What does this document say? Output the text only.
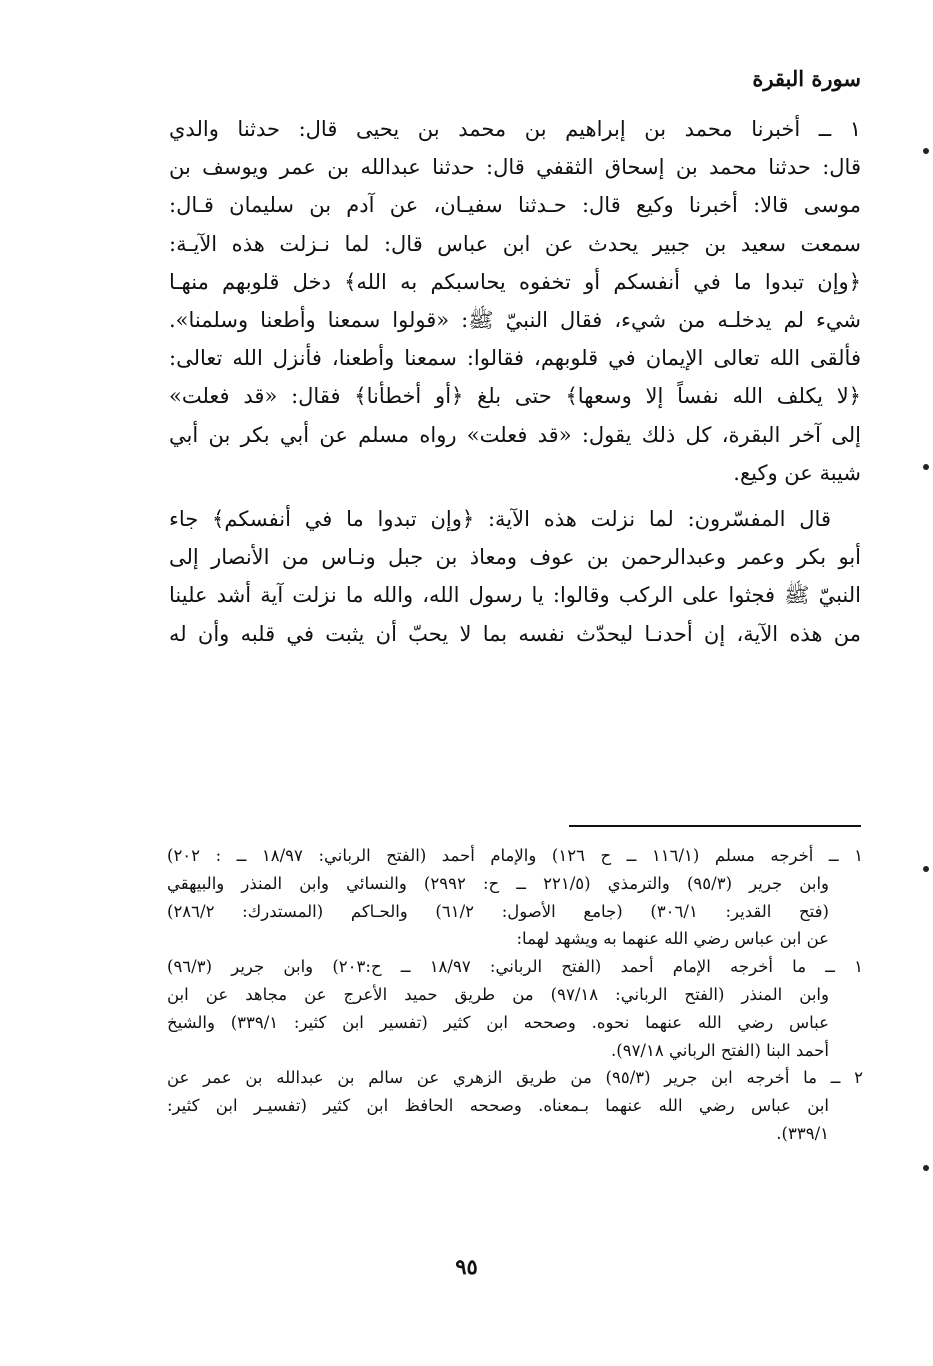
سورة البقرة

١ ــ أخبرنا محمد بن إبراهيم بن محمد بن يحيى قال: حدثنا والدي
قال: حدثنا محمد بن إسحاق الثقفي قال: حدثنا عبدالله بن عمر ويوسف بن
موسى قالا: أخبرنا وكيع قال: حـدثنا سفيـان، عن آدم بن سليمان قـال:
سمعت سعيد بن جبير يحدث عن ابن عباس قال: لما نـزلت هذه الآيـة:
﴿وإن تبدوا ما في أنفسكم أو تخفوه يحاسبكم به الله﴾ دخل قلوبهم منهـا
شيء لم يدخلـه من شيء، فقال النبيّ ﷺ: «قولوا سمعنا وأطعنا وسلمنا».
فألقى الله تعالى الإيمان في قلوبهم، فقالوا: سمعنا وأطعنا، فأنزل الله تعالى:
﴿لا يكلف الله نفساً إلا وسعها﴾ حتى بلغ ﴿أو أخطأنا﴾ فقال: «قد فعلت»
إلى آخر البقرة، كل ذلك يقول: «قد فعلت» رواه مسلم عن أبي بكر بن أبي
شيبة عن وكيع.

قال المفسّرون: لما نزلت هذه الآية: ﴿وإن تبدوا ما في أنفسكم﴾ جاء
أبو بكر وعمر وعبدالرحمن بن عوف ومعاذ بن جبل ونـاس من الأنصار إلى
النبيّ ﷺ فجثوا على الركب وقالوا: يا رسول الله، والله ما نزلت آية أشد علينا
من هذه الآية، إن أحدنـا ليحدّث نفسه بما لا يحبّ أن يثبت في قلبه وأن له

١ ــ أخرجه مسلم (١١٦/١ ــ ح ١٢٦) والإمام أحمد (الفتح الرباني: ١٨/٩٧ ــ : ٢٠٢)
وابن جرير (٩٥/٣) والترمذي (٢٢١/٥ ــ ح: ٢٩٩٢) والنسائي وابن المنذر والبيهقي
(فتح القدير: ٣٠٦/١) (جامع الأصول: ٦١/٢) والحـاكم (المستدرك: ٢٨٦/٢)
عن ابن عباس رضي الله عنهما به ويشهد لهما:
١ ــ ما أخرجه الإمام أحمد (الفتح الرباني: ١٨/٩٧ ــ ح:٢٠٣) وابن جرير (٩٦/٣)
وابن المنذر (الفتح الرباني: ٩٧/١٨) من طريق حميد الأعرج عن مجاهد عن ابن
عباس رضي الله عنهما نحوه. وصححه ابن كثير (تفسير ابن كثير: ٣٣٩/١) والشيخ
أحمد البنا (الفتح الرباني ٩٧/١٨).
٢ ــ ما أخرجه ابن جرير (٩٥/٣) من طريق الزهري عن سالم بن عبدالله بن عمر عن
ابن عباس رضي الله عنهما بـمعناه. وصححه الحافظ ابن كثير (تفسيـر ابن كثير:
٣٣٩/١).
٩٥
